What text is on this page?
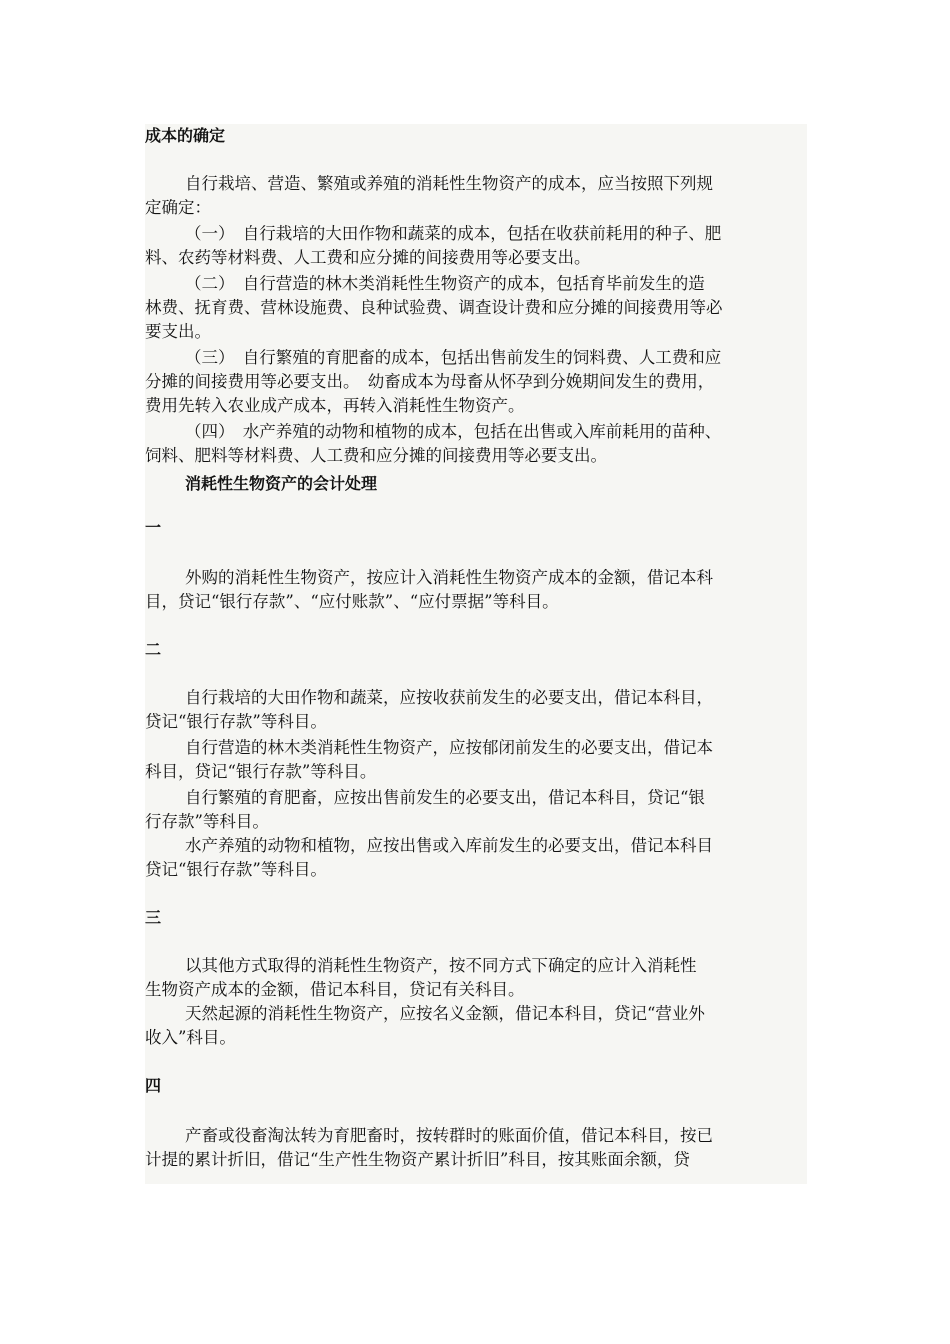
成本的确定
自行栽培、营造、繁殖或养殖的消耗性生物资产的成本，应当按照下列规
定确定：
（一）　自行栽培的大田作物和蔬菜的成本，包括在收获前耗用的种子、肥
料、农药等材料费、人工费和应分摊的间接费用等必要支出。
（二）　自行营造的林木类消耗性生物资产的成本，包括育毕前发生的造
林费、抚育费、营林设施费、良种试验费、调查设计费和应分摊的间接费用等必
要支出。
（三）　自行繁殖的育肥畜的成本，包括出售前发生的饲料费、人工费和应
分摊的间接费用等必要支出。　幼畜成本为母畜从怀孕到分娩期间发生的费用，
费用先转入农业成产成本，再转入消耗性生物资产。
（四）　水产养殖的动物和植物的成本，包括在出售或入库前耗用的苗种、
饲料、肥料等材料费、人工费和应分摊的间接费用等必要支出。
消耗性生物资产的会计处理
一
外购的消耗性生物资产，按应计入消耗性生物资产成本的金额，借记本科
目，贷记“银行存款”、“应付账款”、“应付票据”等科目。
二
自行栽培的大田作物和蔬菜，应按收获前发生的必要支出，借记本科目，
贷记“银行存款”等科目。
自行营造的林木类消耗性生物资产，应按郁闭前发生的必要支出，借记本
科目，贷记“银行存款”等科目。
自行繁殖的育肥畜，应按出售前发生的必要支出，借记本科目，贷记“银
行存款”等科目。
水产养殖的动物和植物，应按出售或入库前发生的必要支出，借记本科目
贷记“银行存款”等科目。
三
以其他方式取得的消耗性生物资产，按不同方式下确定的应计入消耗性
生物资产成本的金额，借记本科目，贷记有关科目。
天然起源的消耗性生物资产，应按名义金额，借记本科目，贷记“营业外
收入”科目。
四
产畜或役畜淘汰转为育肥畜时，按转群时的账面价值，借记本科目，按已
计提的累计折旧，借记“生产性生物资产累计折旧”科目，按其账面余额，贷
